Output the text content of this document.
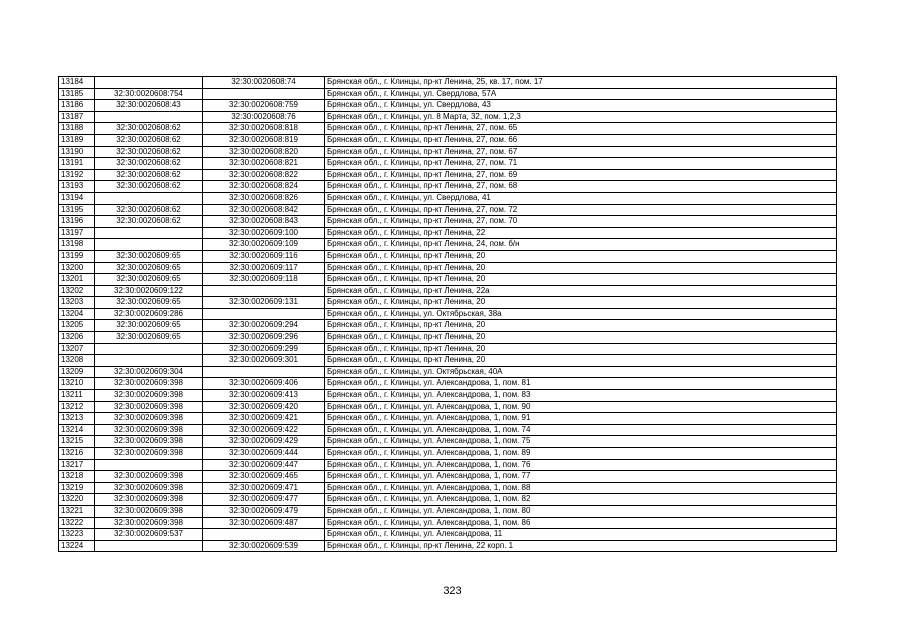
13184		32:30:0020608:74	Брянская обл., г. Клинцы, пр-кт Ленина, 25, кв. 17, пом. 17
13185	32:30:0020608:754		Брянская обл., г. Клинцы, ул. Свердлова, 57А
13186	32:30:0020608:43	32:30:0020608:759	Брянская обл., г. Клинцы, ул. Свердлова, 43
13187		32:30:0020608:76	Брянская обл., г. Клинцы, ул. 8 Марта, 32, пом. 1,2,3
13188	32:30:0020608:62	32:30:0020608:818	Брянская обл., г. Клинцы, пр-кт Ленина, 27, пом. 65
13189	32:30:0020608:62	32:30:0020608:819	Брянская обл., г. Клинцы, пр-кт Ленина, 27, пом. 66
13190	32:30:0020608:62	32:30:0020608:820	Брянская обл., г. Клинцы, пр-кт Ленина, 27, пом. 67
13191	32:30:0020608:62	32:30:0020608:821	Брянская обл., г. Клинцы, пр-кт Ленина, 27, пом. 71
13192	32:30:0020608:62	32:30:0020608:822	Брянская обл., г. Клинцы, пр-кт Ленина, 27, пом. 69
13193	32:30:0020608:62	32:30:0020608:824	Брянская обл., г. Клинцы, пр-кт Ленина, 27, пом. 68
13194		32:30:0020608:826	Брянская обл., г. Клинцы, ул. Свердлова, 41
13195	32:30:0020608:62	32:30:0020608:842	Брянская обл., г. Клинцы, пр-кт Ленина, 27, пом. 72
13196	32:30:0020608:62	32:30:0020608:843	Брянская обл., г. Клинцы, пр-кт Ленина, 27, пом. 70
13197		32:30:0020609:100	Брянская обл., г. Клинцы, пр-кт Ленина, 22
13198		32:30:0020609:109	Брянская обл., г. Клинцы, пр-кт Ленина, 24, пом. б/н
13199	32:30:0020609:65	32:30:0020609:116	Брянская обл., г. Клинцы, пр-кт Ленина, 20
13200	32:30:0020609:65	32:30:0020609:117	Брянская обл., г. Клинцы, пр-кт Ленина, 20
13201	32:30:0020609:65	32:30:0020609:118	Брянская обл., г. Клинцы, пр-кт Ленина, 20
13202	32:30:0020609:122		Брянская обл., г. Клинцы, пр-кт Ленина, 22а
13203	32:30:0020609:65	32:30:0020609:131	Брянская обл., г. Клинцы, пр-кт Ленина, 20
13204	32:30:0020609:286		Брянская обл., г. Клинцы, ул. Октябрьская, 38а
13205	32:30:0020609:65	32:30:0020609:294	Брянская обл., г. Клинцы, пр-кт Ленина, 20
13206	32:30:0020609:65	32:30:0020609:296	Брянская обл., г. Клинцы, пр-кт Ленина, 20
13207		32:30:0020609:299	Брянская обл., г. Клинцы, пр-кт Ленина, 20
13208		32:30:0020609:301	Брянская обл., г. Клинцы, пр-кт Ленина, 20
13209	32:30:0020609:304		Брянская обл., г. Клинцы, ул. Октябрьская, 40А
13210	32:30:0020609:398	32:30:0020609:406	Брянская обл., г. Клинцы, ул. Александрова, 1, пом. 81
13211	32:30:0020609:398	32:30:0020609:413	Брянская обл., г. Клинцы, ул. Александрова, 1, пом. 83
13212	32:30:0020609:398	32:30:0020609:420	Брянская обл., г. Клинцы, ул. Александрова, 1, пом. 90
13213	32:30:0020609:398	32:30:0020609:421	Брянская обл., г. Клинцы, ул. Александрова, 1, пом. 91
13214	32:30:0020609:398	32:30:0020609:422	Брянская обл., г. Клинцы, ул. Александрова, 1, пом. 74
13215	32:30:0020609:398	32:30:0020609:429	Брянская обл., г. Клинцы, ул. Александрова, 1, пом. 75
13216	32:30:0020609:398	32:30:0020609:444	Брянская обл., г. Клинцы, ул. Александрова, 1, пом. 89
13217		32:30:0020609:447	Брянская обл., г. Клинцы, ул. Александрова, 1, пом. 76
13218	32:30:0020609:398	32:30:0020609:465	Брянская обл., г. Клинцы, ул. Александрова, 1, пом. 77
13219	32:30:0020609:398	32:30:0020609:471	Брянская обл., г. Клинцы, ул. Александрова, 1, пом. 88
13220	32:30:0020609:398	32:30:0020609:477	Брянская обл., г. Клинцы, ул. Александрова, 1, пом. 82
13221	32:30:0020609:398	32:30:0020609:479	Брянская обл., г. Клинцы, ул. Александрова, 1, пом. 80
13222	32:30:0020609:398	32:30:0020609:487	Брянская обл., г. Клинцы, ул. Александрова, 1, пом. 86
13223	32:30:0020609:537		Брянская обл., г. Клинцы, ул. Александрова, 11
13224		32:30:0020609:539	Брянская обл., г. Клинцы, пр-кт Ленина, 22 корп. 1
323
